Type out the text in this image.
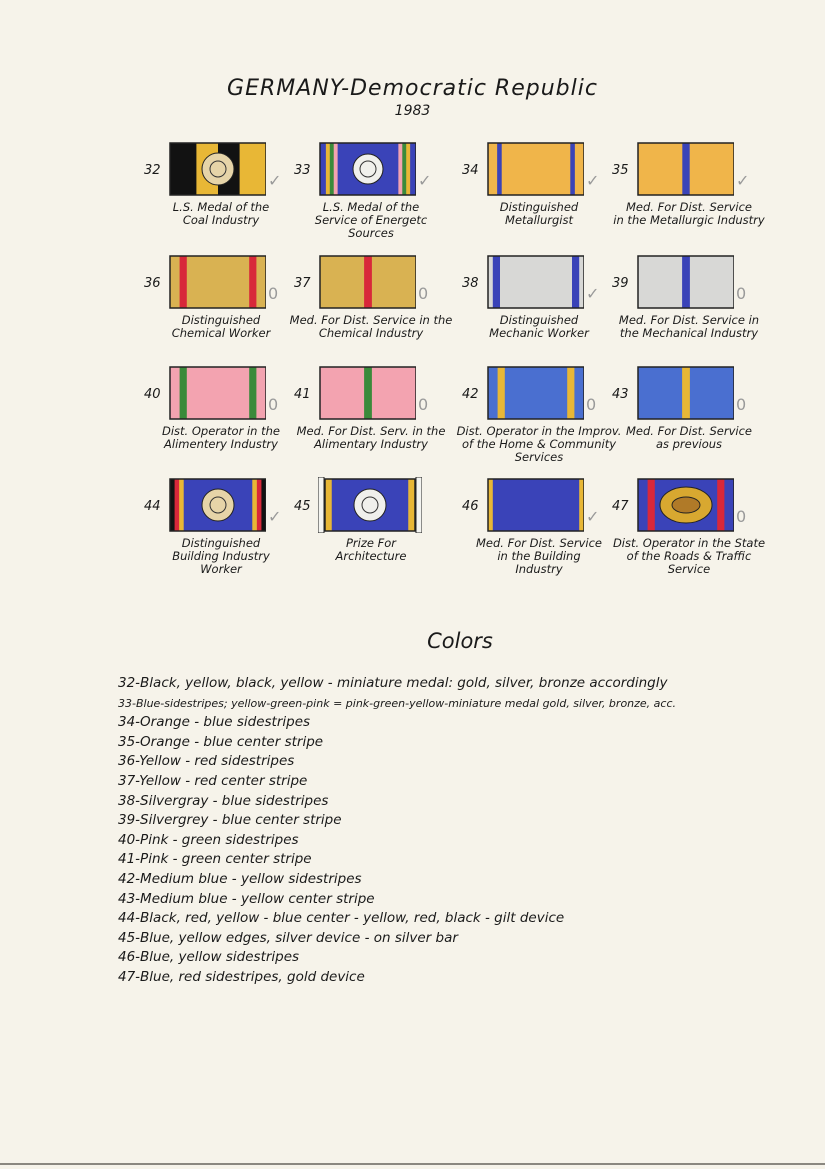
GERMANY-Democratic Republic
1983
32
✓
L.S. Medal of the
Coal Industry
33
✓
L.S. Medal of the
Service of Energetc
Sources
34
✓
Distinguished
Metallurgist
35
✓
Med. For Dist. Service
in the Metallurgic Industry
36
0
Distinguished
Chemical Worker
37
0
Med. For Dist. Service in the
Chemical Industry
38
✓
Distinguished
Mechanic Worker
39
0
Med. For Dist. Service in
the Mechanical Industry
40
0
Dist. Operator in the
Alimentery Industry
41
0
Med. For Dist. Serv. in the
Alimentary Industry
42
0
Dist. Operator in the Improv.
of the Home & Community
Services
43
0
Med. For Dist. Service
as previous
44
✓
Distinguished
Building Industry
Worker
45
Prize For
Architecture
46
✓
Med. For Dist. Service
in the Building
Industry
47
0
Dist. Operator in the State
of the Roads & Traffic
Service
Colors
32-Black, yellow, black, yellow - miniature medal: gold, silver, bronze accordingly
33-Blue-sidestripes; yellow-green-pink = pink-green-yellow-miniature medal gold, silver, bronze, acc.
34-Orange - blue sidestripes
35-Orange - blue center stripe
36-Yellow - red sidestripes
37-Yellow - red center stripe
38-Silvergray - blue sidestripes
39-Silvergrey - blue center stripe
40-Pink - green sidestripes
41-Pink - green center stripe
42-Medium blue - yellow sidestripes
43-Medium blue - yellow center stripe
44-Black, red, yellow - blue center - yellow, red, black - gilt device
45-Blue, yellow edges, silver device - on silver bar
46-Blue, yellow sidestripes
47-Blue, red sidestripes, gold device
